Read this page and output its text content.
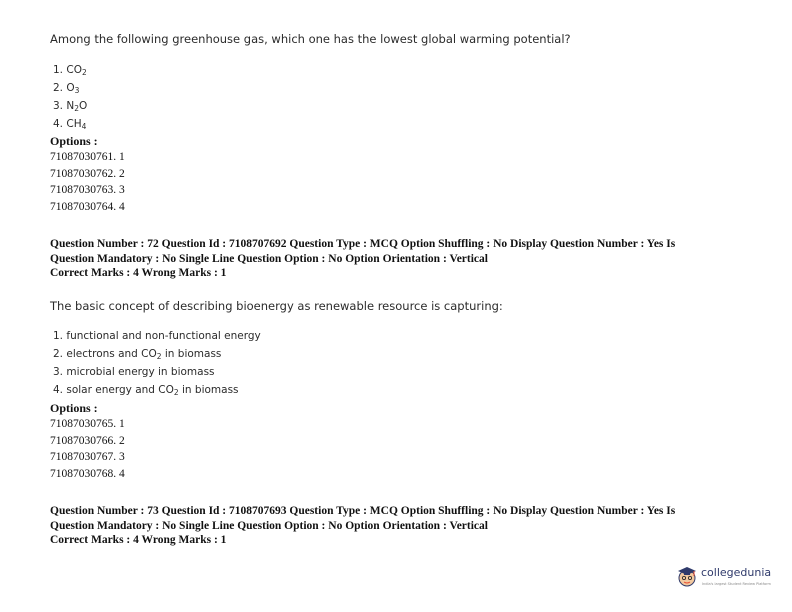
Among the following greenhouse gas, which one has the lowest global warming potential?
1. $CO_2$
2. $O_3$
3. $N_2O$
4. $CH_4$
Options :
71087030761. 1
71087030762. 2
71087030763. 3
71087030764. 4
Question Number : 72 Question Id : 7108707692 Question Type : MCQ Option Shuffling : No Display Question Number : Yes Is
Question Mandatory : No Single Line Question Option : No Option Orientation : Vertical
Correct Marks : 4 Wrong Marks : 1
The basic concept of describing bioenergy as renewable resource is capturing:
1. functional and non-functional energy
2. electrons and $CO_2$ in biomass
3. microbial energy in biomass
4. solar energy and $CO_2$ in biomass
Options :
71087030765. 1
71087030766. 2
71087030767. 3
71087030768. 4
Question Number : 73 Question Id : 7108707693 Question Type : MCQ Option Shuffling : No Display Question Number : Yes Is
Question Mandatory : No Single Line Question Option : No Option Orientation : Vertical
Correct Marks : 4 Wrong Marks : 1
collegedunia
India's largest Student Review Platform
